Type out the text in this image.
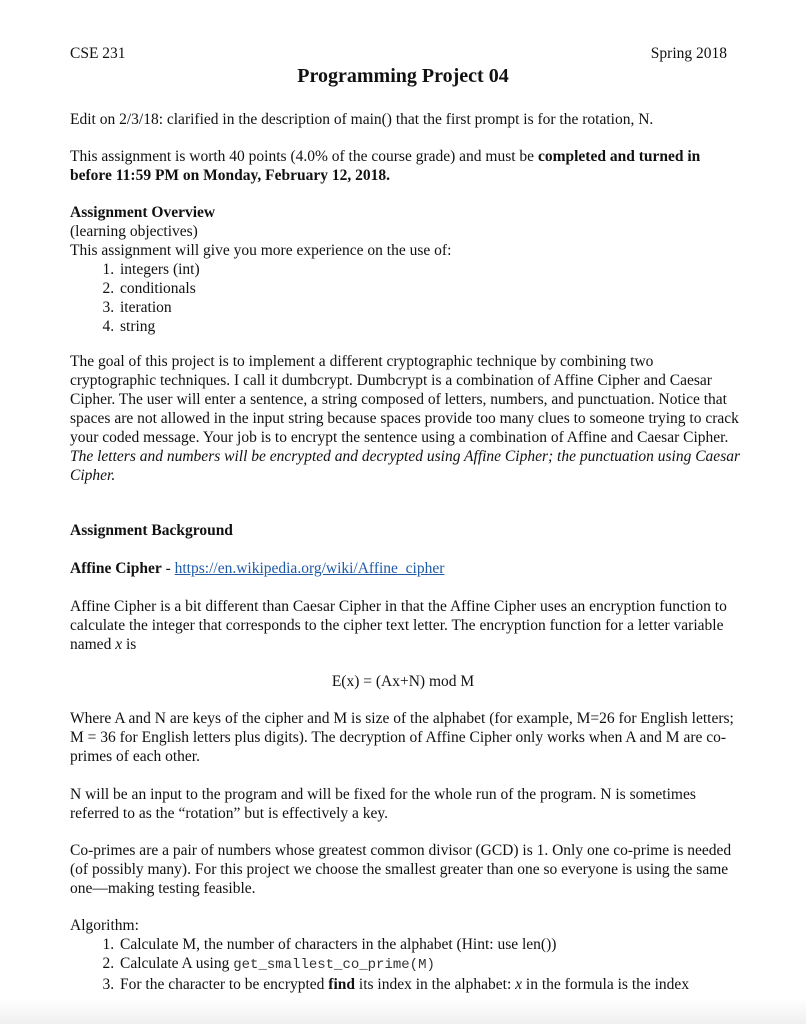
CSE 231	Spring 2018
Programming Project 04

Edit on 2/3/18: clarified in the description of main() that the first prompt is for the rotation, N.

This assignment is worth 40 points (4.0% of the course grade) and must be completed and turned in before 11:59 PM on Monday, February 12, 2018.

Assignment Overview

(learning objectives)

This assignment will give you more experience on the use of:

1. integers (int)
2. conditionals
3. iteration
4. string

The goal of this project is to implement a different cryptographic technique by combining two cryptographic techniques. I call it dumbcrypt. Dumbcrypt is a combination of Affine Cipher and Caesar Cipher. The user will enter a sentence, a string composed of letters, numbers, and punctuation. Notice that spaces are not allowed in the input string because spaces provide too many clues to someone trying to crack your coded message. Your job is to encrypt the sentence using a combination of Affine and Caesar Cipher. The letters and numbers will be encrypted and decrypted using Affine Cipher; the punctuation using Caesar Cipher.

Assignment Background

Affine Cipher - https://en.wikipedia.org/wiki/Affine_cipher

Affine Cipher is a bit different than Caesar Cipher in that the Affine Cipher uses an encryption function to calculate the integer that corresponds to the cipher text letter. The encryption function for a letter variable named x is

E(x) = (Ax+N) mod M

Where A and N are keys of the cipher and M is size of the alphabet (for example, M=26 for English letters; M = 36 for English letters plus digits). The decryption of Affine Cipher only works when A and M are co-primes of each other.

N will be an input to the program and will be fixed for the whole run of the program. N is sometimes referred to as the “rotation” but is effectively a key.

Co-primes are a pair of numbers whose greatest common divisor (GCD) is 1. Only one co-prime is needed (of possibly many). For this project we choose the smallest greater than one so everyone is using the same one—making testing feasible.

Algorithm:

1. Calculate M, the number of characters in the alphabet (Hint: use len())
2. Calculate A using get_smallest_co_prime(M)
3. For the character to be encrypted find its index in the alphabet: x in the formula is the index
